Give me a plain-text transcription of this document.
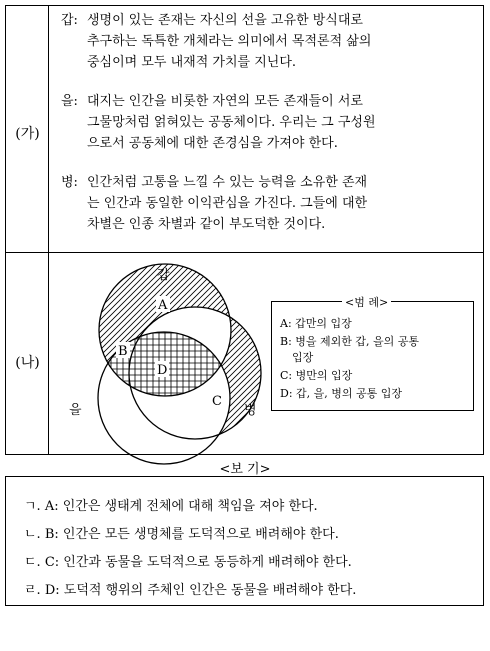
(가)
갑: 생명이 있는 존재는 자신의 선을 고유한 방식대로
추구하는 독특한 개체라는 의미에서 목적론적 삶의
중심이며 모두 내재적 가치를 지닌다.
을: 대지는 인간을 비롯한 자연의 모든 존재들이 서로
그물망처럼 얽혀있는 공동체이다. 우리는 그 구성원
으로서 공동체에 대한 존경심을 가져야 한다.
병: 인간처럼 고통을 느낄 수 있는 능력을 소유한 존재
는 인간과 동일한 이익관심을 가진다. 그들에 대한
차별은 인종 차별과 같이 부도덕한 것이다.
(나)
갑
을	병
A
B
D
C
<범 례>
A: 갑만의 입장
B: 병을 제외한 갑, 을의 공통
입장
C: 병만의 입장
D: 갑, 을, 병의 공통 입장
<보 기>
ㄱ. A: 인간은 생태계 전체에 대해 책임을 져야 한다.
ㄴ. B: 인간은 모든 생명체를 도덕적으로 배려해야 한다.
ㄷ. C: 인간과 동물을 도덕적으로 동등하게 배려해야 한다.
ㄹ. D: 도덕적 행위의 주체인 인간은 동물을 배려해야 한다.
